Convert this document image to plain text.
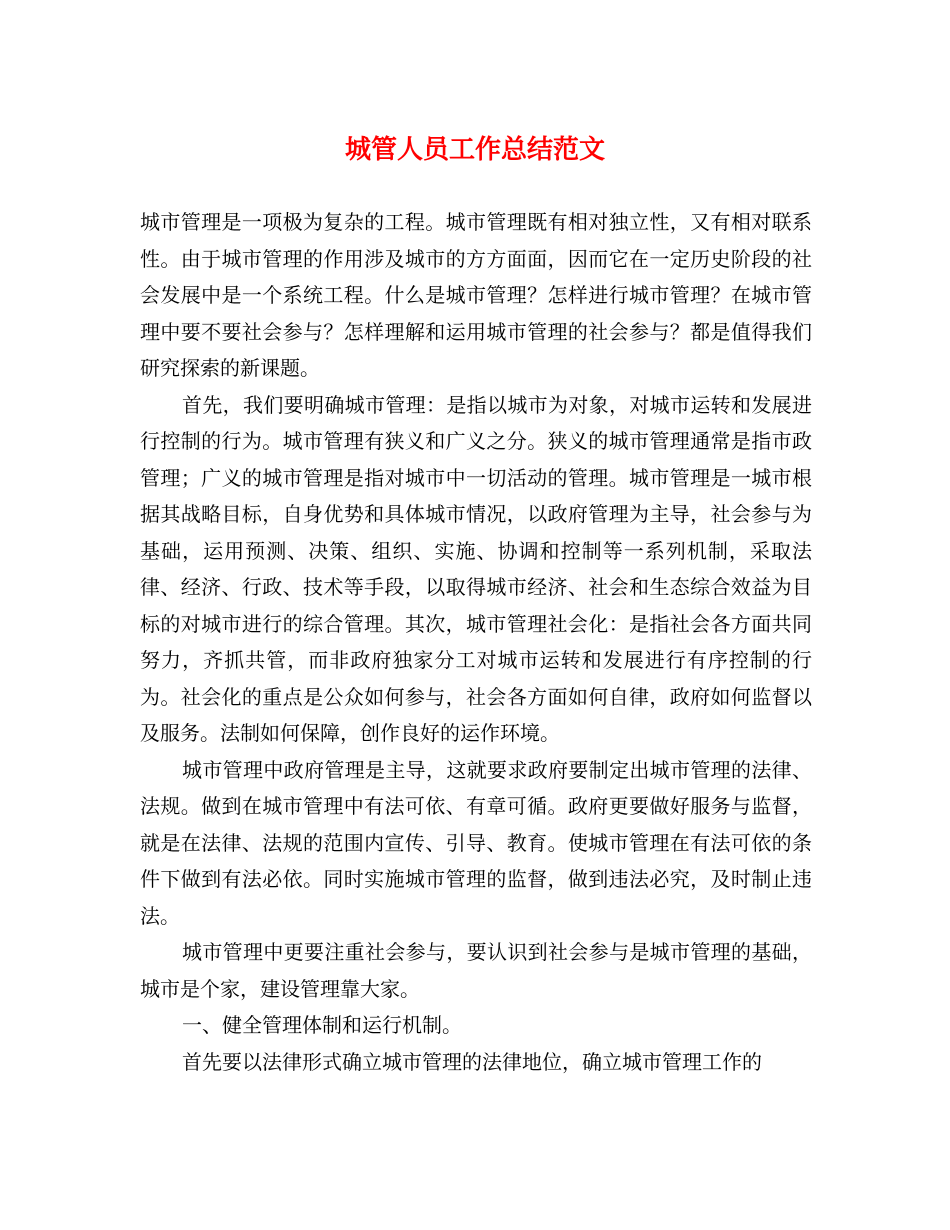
城管人员工作总结范文

城市管理是一项极为复杂的工程。城市管理既有相对独立性，又有相对联系性。由于城市管理的作用涉及城市的方方面面，因而它在一定历史阶段的社会发展中是一个系统工程。什么是城市管理？怎样进行城市管理？在城市管理中要不要社会参与？怎样理解和运用城市管理的社会参与？都是值得我们研究探索的新课题。

首先，我们要明确城市管理：是指以城市为对象，对城市运转和发展进行控制的行为。城市管理有狭义和广义之分。狭义的城市管理通常是指市政管理；广义的城市管理是指对城市中一切活动的管理。城市管理是一城市根据其战略目标，自身优势和具体城市情况，以政府管理为主导，社会参与为基础，运用预测、决策、组织、实施、协调和控制等一系列机制，采取法律、经济、行政、技术等手段，以取得城市经济、社会和生态综合效益为目标的对城市进行的综合管理。其次，城市管理社会化：是指社会各方面共同努力，齐抓共管，而非政府独家分工对城市运转和发展进行有序控制的行为。社会化的重点是公众如何参与，社会各方面如何自律，政府如何监督以及服务。法制如何保障，创作良好的运作环境。

城市管理中政府管理是主导，这就要求政府要制定出城市管理的法律、法规。做到在城市管理中有法可依、有章可循。政府更要做好服务与监督，就是在法律、法规的范围内宣传、引导、教育。使城市管理在有法可依的条件下做到有法必依。同时实施城市管理的监督，做到违法必究，及时制止违法。

城市管理中更要注重社会参与，要认识到社会参与是城市管理的基础，城市是个家，建设管理靠大家。

一、健全管理体制和运行机制。

首先要以法律形式确立城市管理的法律地位，确立城市管理工作的
